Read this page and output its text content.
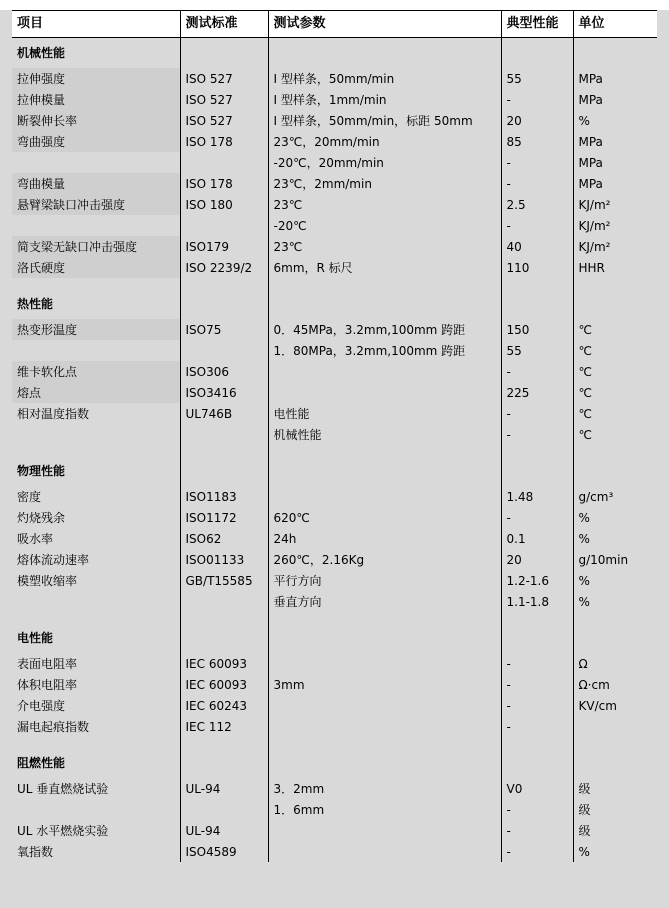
项目	测试标准	测试参数	典型性能	单位
机械性能				
拉伸强度	ISO 527	I 型样条，50mm/min	55	MPa
拉伸模量	ISO 527	I 型样条，1mm/min	-	MPa
断裂伸长率	ISO 527	I 型样条，50mm/min，标距 50mm	20	%
弯曲强度	ISO 178	23℃，20mm/min	85	MPa
		-20℃，20mm/min	-	MPa
弯曲模量	ISO 178	23℃，2mm/min	-	MPa
悬臂梁缺口冲击强度	ISO 180	23℃	2.5	KJ/m²
		-20℃	-	KJ/m²
简支梁无缺口冲击强度	ISO179	23℃	40	KJ/m²
洛氏硬度	ISO 2239/2	6mm，R 标尺	110	HHR

热性能				
热变形温度	ISO75	0．45MPa，3.2mm,100mm 跨距	150	℃
		1．80MPa，3.2mm,100mm 跨距	55	℃
维卡软化点	ISO306		-	℃
熔点	ISO3416		225	℃
相对温度指数	UL746B	电性能	-	℃
		机械性能	-	℃

物理性能				
密度	ISO1183		1.48	g/cm³
灼烧残余	ISO1172	620℃	-	%
吸水率	ISO62	24h	0.1	%
熔体流动速率	ISO01133	260℃，2.16Kg	20	g/10min
模塑收缩率	GB/T15585	平行方向	1.2-1.6	%
		垂直方向	1.1-1.8	%

电性能				
表面电阻率	IEC 60093		-	Ω
体积电阻率	IEC 60093	3mm	-	Ω·cm
介电强度	IEC 60243		-	KV/cm
漏电起痕指数	IEC 112		-	

阻燃性能				
UL 垂直燃烧试验	UL-94	3．2mm	V0	级
		1．6mm	-	级
UL 水平燃烧实验	UL-94		-	级
氧指数	ISO4589		-	%
